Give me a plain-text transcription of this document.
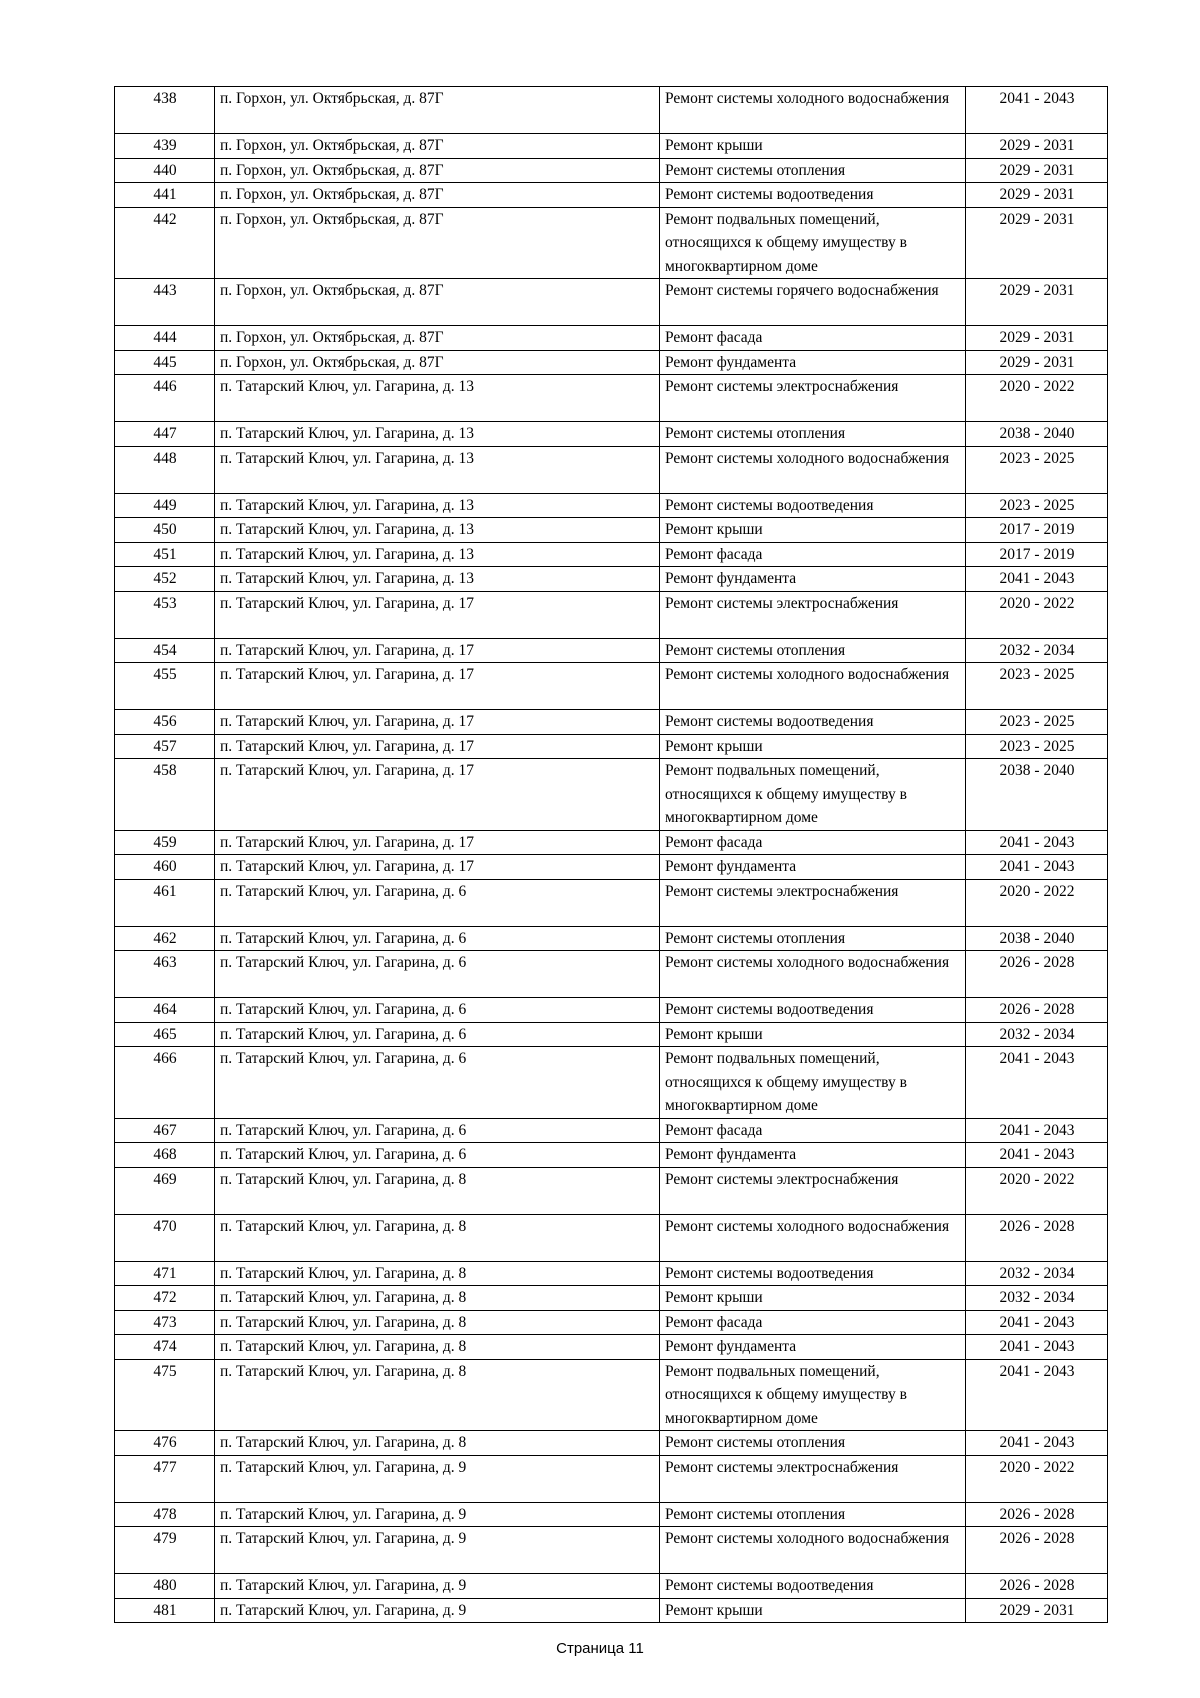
438	п. Горхон, ул. Октябрьская, д. 87Г	Ремонт системы холодного водоснабжения	2041 - 2043
439	п. Горхон, ул. Октябрьская, д. 87Г	Ремонт крыши	2029 - 2031
440	п. Горхон, ул. Октябрьская, д. 87Г	Ремонт системы отопления	2029 - 2031
441	п. Горхон, ул. Октябрьская, д. 87Г	Ремонт системы водоотведения	2029 - 2031
442	п. Горхон, ул. Октябрьская, д. 87Г	Ремонт подвальных помещений, относящихся к общему имуществу в многоквартирном доме	2029 - 2031
443	п. Горхон, ул. Октябрьская, д. 87Г	Ремонт системы горячего водоснабжения	2029 - 2031
444	п. Горхон, ул. Октябрьская, д. 87Г	Ремонт фасада	2029 - 2031
445	п. Горхон, ул. Октябрьская, д. 87Г	Ремонт фундамента	2029 - 2031
446	п. Татарский Ключ, ул. Гагарина, д. 13	Ремонт системы электроснабжения	2020 - 2022
447	п. Татарский Ключ, ул. Гагарина, д. 13	Ремонт системы отопления	2038 - 2040
448	п. Татарский Ключ, ул. Гагарина, д. 13	Ремонт системы холодного водоснабжения	2023 - 2025
449	п. Татарский Ключ, ул. Гагарина, д. 13	Ремонт системы водоотведения	2023 - 2025
450	п. Татарский Ключ, ул. Гагарина, д. 13	Ремонт крыши	2017 - 2019
451	п. Татарский Ключ, ул. Гагарина, д. 13	Ремонт фасада	2017 - 2019
452	п. Татарский Ключ, ул. Гагарина, д. 13	Ремонт фундамента	2041 - 2043
453	п. Татарский Ключ, ул. Гагарина, д. 17	Ремонт системы электроснабжения	2020 - 2022
454	п. Татарский Ключ, ул. Гагарина, д. 17	Ремонт системы отопления	2032 - 2034
455	п. Татарский Ключ, ул. Гагарина, д. 17	Ремонт системы холодного водоснабжения	2023 - 2025
456	п. Татарский Ключ, ул. Гагарина, д. 17	Ремонт системы водоотведения	2023 - 2025
457	п. Татарский Ключ, ул. Гагарина, д. 17	Ремонт крыши	2023 - 2025
458	п. Татарский Ключ, ул. Гагарина, д. 17	Ремонт подвальных помещений, относящихся к общему имуществу в многоквартирном доме	2038 - 2040
459	п. Татарский Ключ, ул. Гагарина, д. 17	Ремонт фасада	2041 - 2043
460	п. Татарский Ключ, ул. Гагарина, д. 17	Ремонт фундамента	2041 - 2043
461	п. Татарский Ключ, ул. Гагарина, д. 6	Ремонт системы электроснабжения	2020 - 2022
462	п. Татарский Ключ, ул. Гагарина, д. 6	Ремонт системы отопления	2038 - 2040
463	п. Татарский Ключ, ул. Гагарина, д. 6	Ремонт системы холодного водоснабжения	2026 - 2028
464	п. Татарский Ключ, ул. Гагарина, д. 6	Ремонт системы водоотведения	2026 - 2028
465	п. Татарский Ключ, ул. Гагарина, д. 6	Ремонт крыши	2032 - 2034
466	п. Татарский Ключ, ул. Гагарина, д. 6	Ремонт подвальных помещений, относящихся к общему имуществу в многоквартирном доме	2041 - 2043
467	п. Татарский Ключ, ул. Гагарина, д. 6	Ремонт фасада	2041 - 2043
468	п. Татарский Ключ, ул. Гагарина, д. 6	Ремонт фундамента	2041 - 2043
469	п. Татарский Ключ, ул. Гагарина, д. 8	Ремонт системы электроснабжения	2020 - 2022
470	п. Татарский Ключ, ул. Гагарина, д. 8	Ремонт системы холодного водоснабжения	2026 - 2028
471	п. Татарский Ключ, ул. Гагарина, д. 8	Ремонт системы водоотведения	2032 - 2034
472	п. Татарский Ключ, ул. Гагарина, д. 8	Ремонт крыши	2032 - 2034
473	п. Татарский Ключ, ул. Гагарина, д. 8	Ремонт фасада	2041 - 2043
474	п. Татарский Ключ, ул. Гагарина, д. 8	Ремонт фундамента	2041 - 2043
475	п. Татарский Ключ, ул. Гагарина, д. 8	Ремонт подвальных помещений, относящихся к общему имуществу в многоквартирном доме	2041 - 2043
476	п. Татарский Ключ, ул. Гагарина, д. 8	Ремонт системы отопления	2041 - 2043
477	п. Татарский Ключ, ул. Гагарина, д. 9	Ремонт системы электроснабжения	2020 - 2022
478	п. Татарский Ключ, ул. Гагарина, д. 9	Ремонт системы отопления	2026 - 2028
479	п. Татарский Ключ, ул. Гагарина, д. 9	Ремонт системы холодного водоснабжения	2026 - 2028
480	п. Татарский Ключ, ул. Гагарина, д. 9	Ремонт системы водоотведения	2026 - 2028
481	п. Татарский Ключ, ул. Гагарина, д. 9	Ремонт крыши	2029 - 2031
Страница 11
